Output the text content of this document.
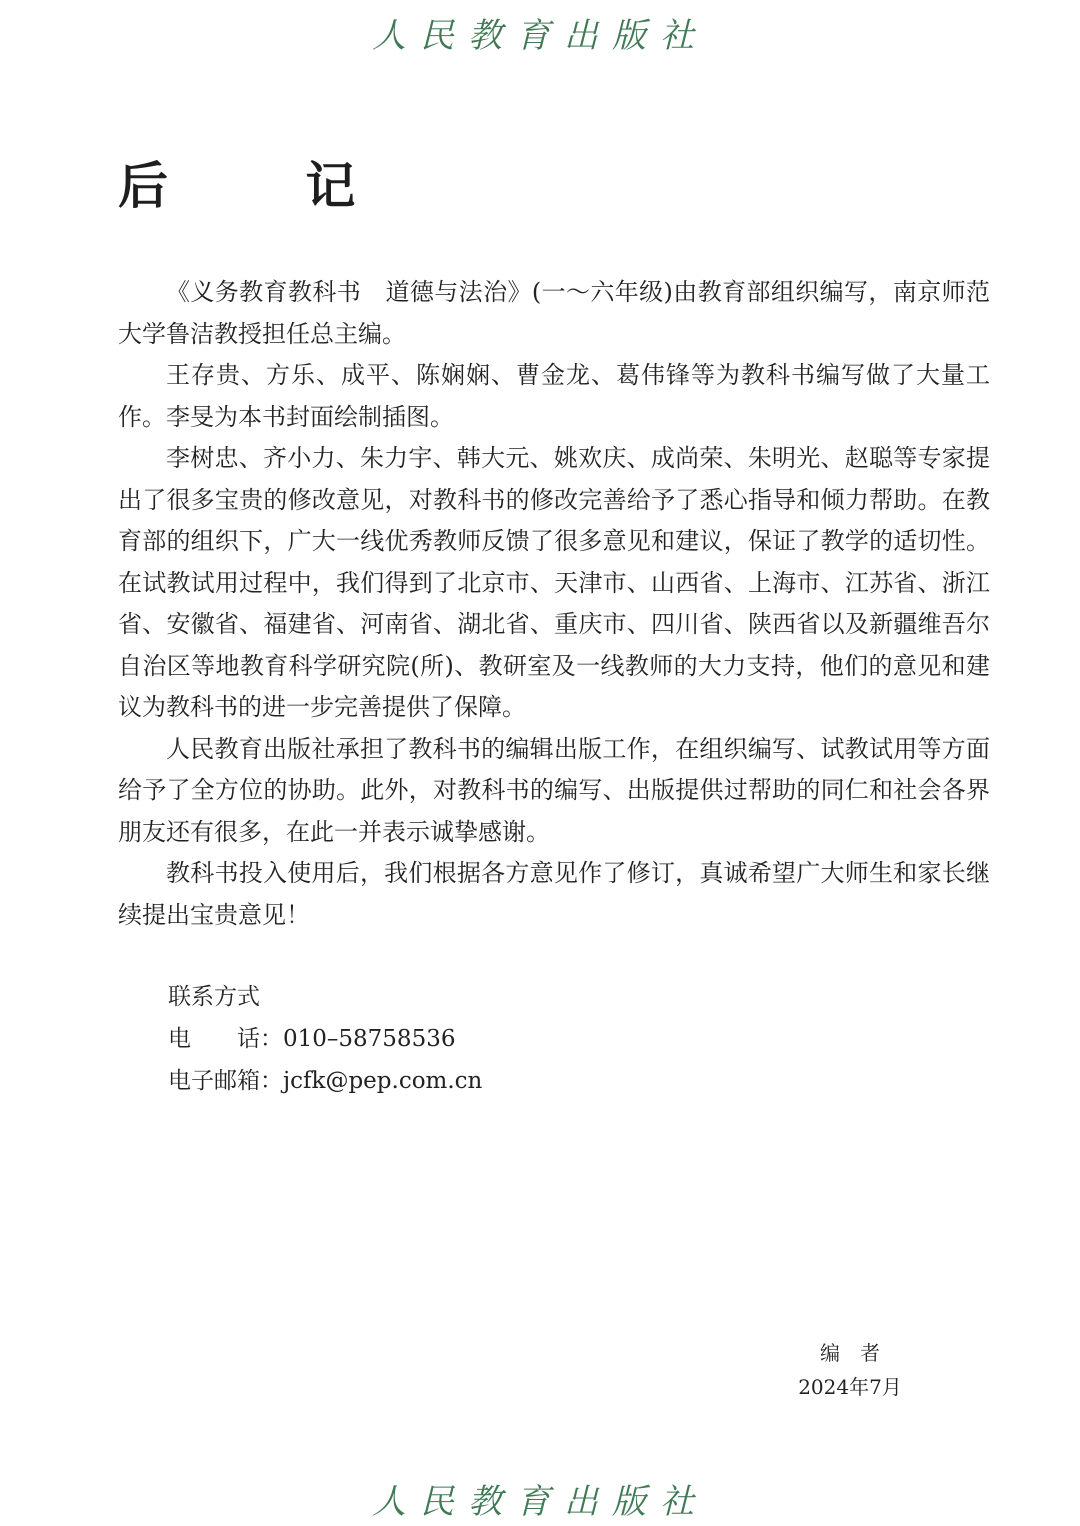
人民教育出版社
后 记

《义务教育教科书　道德与法治》(一～六年级)由教育部组织编写，南京师范大学鲁洁教授担任总主编。

王存贵、方乐、成平、陈娴娴、曹金龙、葛伟锋等为教科书编写做了大量工作。李旻为本书封面绘制插图。

李树忠、齐小力、朱力宇、韩大元、姚欢庆、成尚荣、朱明光、赵聪等专家提出了很多宝贵的修改意见，对教科书的修改完善给予了悉心指导和倾力帮助。在教育部的组织下，广大一线优秀教师反馈了很多意见和建议，保证了教学的适切性。在试教试用过程中，我们得到了北京市、天津市、山西省、上海市、江苏省、浙江省、安徽省、福建省、河南省、湖北省、重庆市、四川省、陕西省以及新疆维吾尔自治区等地教育科学研究院(所)、教研室及一线教师的大力支持，他们的意见和建议为教科书的进一步完善提供了保障。

人民教育出版社承担了教科书的编辑出版工作，在组织编写、试教试用等方面给予了全方位的协助。此外，对教科书的编写、出版提供过帮助的同仁和社会各界朋友还有很多，在此一并表示诚挚感谢。

教科书投入使用后，我们根据各方意见作了修订，真诚希望广大师生和家长继续提出宝贵意见！

联系方式
电　　话：010–58758536
电子邮箱：jcfk@pep.com.cn
编者
2024年7月
人民教育出版社
